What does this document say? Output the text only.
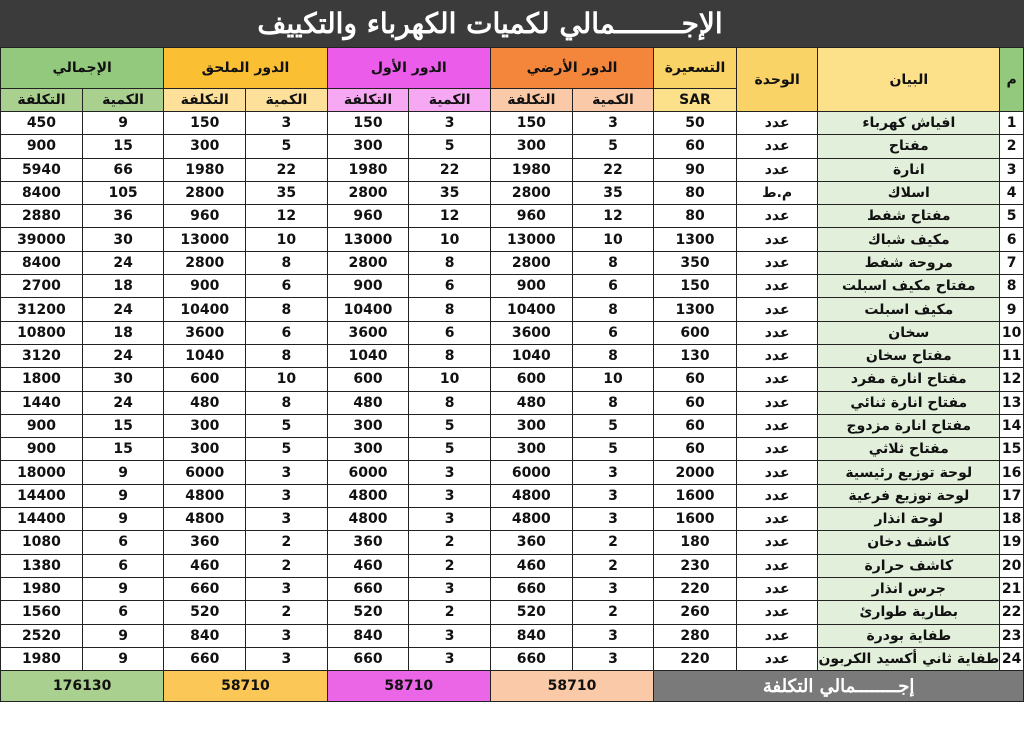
الإجــــــــمالي لكميات الكهرباء والتكييف
الإجمالي		الدور الملحق		الدور الأول		الدور الأرضي		التسعيرة	الوحدة	البيان	م
التكلفة	الكمية	التكلفة	الكمية	التكلفة	الكمية	التكلفة	الكمية	SAR			
450	9	150	3	150	3	150	3	50	عدد	افياش كهرباء	1
900	15	300	5	300	5	300	5	60	عدد	مفتاح	2
5940	66	1980	22	1980	22	1980	22	90	عدد	انارة	3
8400	105	2800	35	2800	35	2800	35	80	م.ط	اسلاك	4
2880	36	960	12	960	12	960	12	80	عدد	مفتاح شفط	5
39000	30	13000	10	13000	10	13000	10	1300	عدد	مكيف شباك	6
8400	24	2800	8	2800	8	2800	8	350	عدد	مروحة شفط	7
2700	18	900	6	900	6	900	6	150	عدد	مفتاح مكيف اسبلت	8
31200	24	10400	8	10400	8	10400	8	1300	عدد	مكيف اسبلت	9
10800	18	3600	6	3600	6	3600	6	600	عدد	سخان	10
3120	24	1040	8	1040	8	1040	8	130	عدد	مفتاح سخان	11
1800	30	600	10	600	10	600	10	60	عدد	مفتاح انارة مفرد	12
1440	24	480	8	480	8	480	8	60	عدد	مفتاح انارة ثنائي	13
900	15	300	5	300	5	300	5	60	عدد	مفتاح انارة مزدوج	14
900	15	300	5	300	5	300	5	60	عدد	مفتاح ثلاثي	15
18000	9	6000	3	6000	3	6000	3	2000	عدد	لوحة توزيع رئيسية	16
14400	9	4800	3	4800	3	4800	3	1600	عدد	لوحة توزيع فرعية	17
14400	9	4800	3	4800	3	4800	3	1600	عدد	لوحة انذار	18
1080	6	360	2	360	2	360	2	180	عدد	كاشف دخان	19
1380	6	460	2	460	2	460	2	230	عدد	كاشف حرارة	20
1980	9	660	3	660	3	660	3	220	عدد	جرس انذار	21
1560	6	520	2	520	2	520	2	260	عدد	بطارية طوارئ	22
2520	9	840	3	840	3	840	3	280	عدد	طفاية بودرة	23
1980	9	660	3	660	3	660	3	220	عدد	طفاية ثاني أكسيد الكربون	24
176130		58710		58710		58710		إجــــــــمالي التكلفة			
